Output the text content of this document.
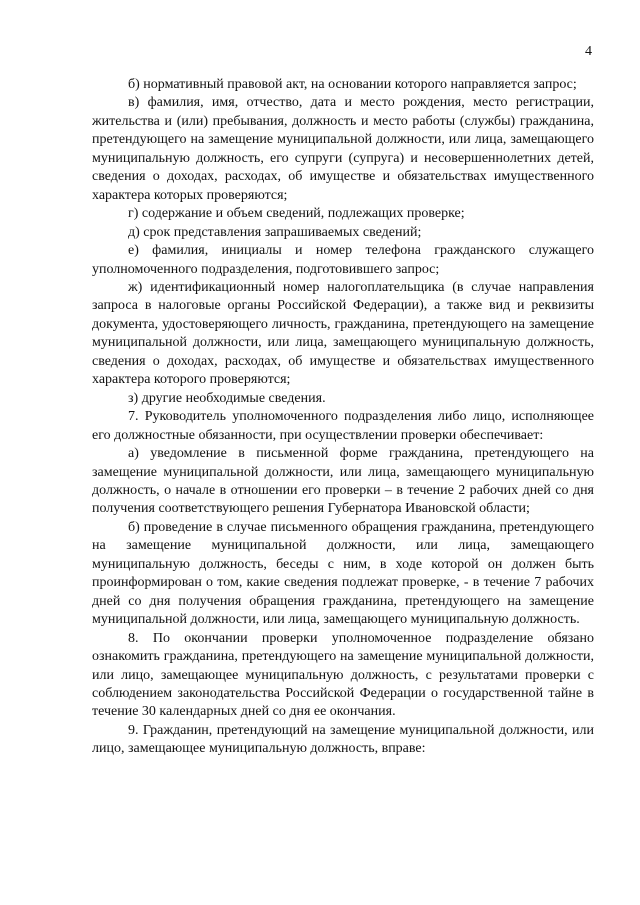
4

б) нормативный правовой акт, на основании которого направляется запрос;

в) фамилия, имя, отчество, дата и место рождения, место регистрации, жительства и (или) пребывания, должность и место работы (службы) гражданина, претендующего на замещение муниципальной должности, или лица, замещающего муниципальную должность, его супруги (супруга) и несовершеннолетних детей, сведения о доходах, расходах, об имуществе и обязательствах имущественного характера которых проверяются;

г) содержание и объем сведений, подлежащих проверке;

д) срок представления запрашиваемых сведений;

е) фамилия, инициалы и номер телефона гражданского служащего уполномоченного подразделения, подготовившего запрос;

ж) идентификационный номер налогоплательщика (в случае направления запроса в налоговые органы Российской Федерации), а также вид и реквизиты документа, удостоверяющего личность, гражданина, претендующего на замещение муниципальной должности, или лица, замещающего муниципальную должность, сведения о доходах, расходах, об имуществе и обязательствах имущественного характера которого проверяются;

з) другие необходимые сведения.

7. Руководитель уполномоченного подразделения либо лицо, исполняющее его должностные обязанности, при осуществлении проверки обеспечивает:

а) уведомление в письменной форме гражданина, претендующего на замещение муниципальной должности, или лица, замещающего муниципальную должность, о начале в отношении его проверки – в течение 2 рабочих дней со дня получения соответствующего решения Губернатора Ивановской области;

б) проведение в случае письменного обращения гражданина, претендующего на замещение муниципальной должности, или лица, замещающего муниципальную должность, беседы с ним, в ходе которой он должен быть проинформирован о том, какие сведения подлежат проверке, - в течение 7 рабочих дней со дня получения обращения гражданина, претендующего на замещение муниципальной должности, или лица, замещающего муниципальную должность.

8. По окончании проверки уполномоченное подразделение обязано ознакомить гражданина, претендующего на замещение муниципальной должности, или лицо, замещающее муниципальную должность, с результатами проверки с соблюдением законодательства Российской Федерации о государственной тайне в течение 30 календарных дней со дня ее окончания.

9. Гражданин, претендующий на замещение муниципальной должности, или лицо, замещающее муниципальную должность, вправе:
